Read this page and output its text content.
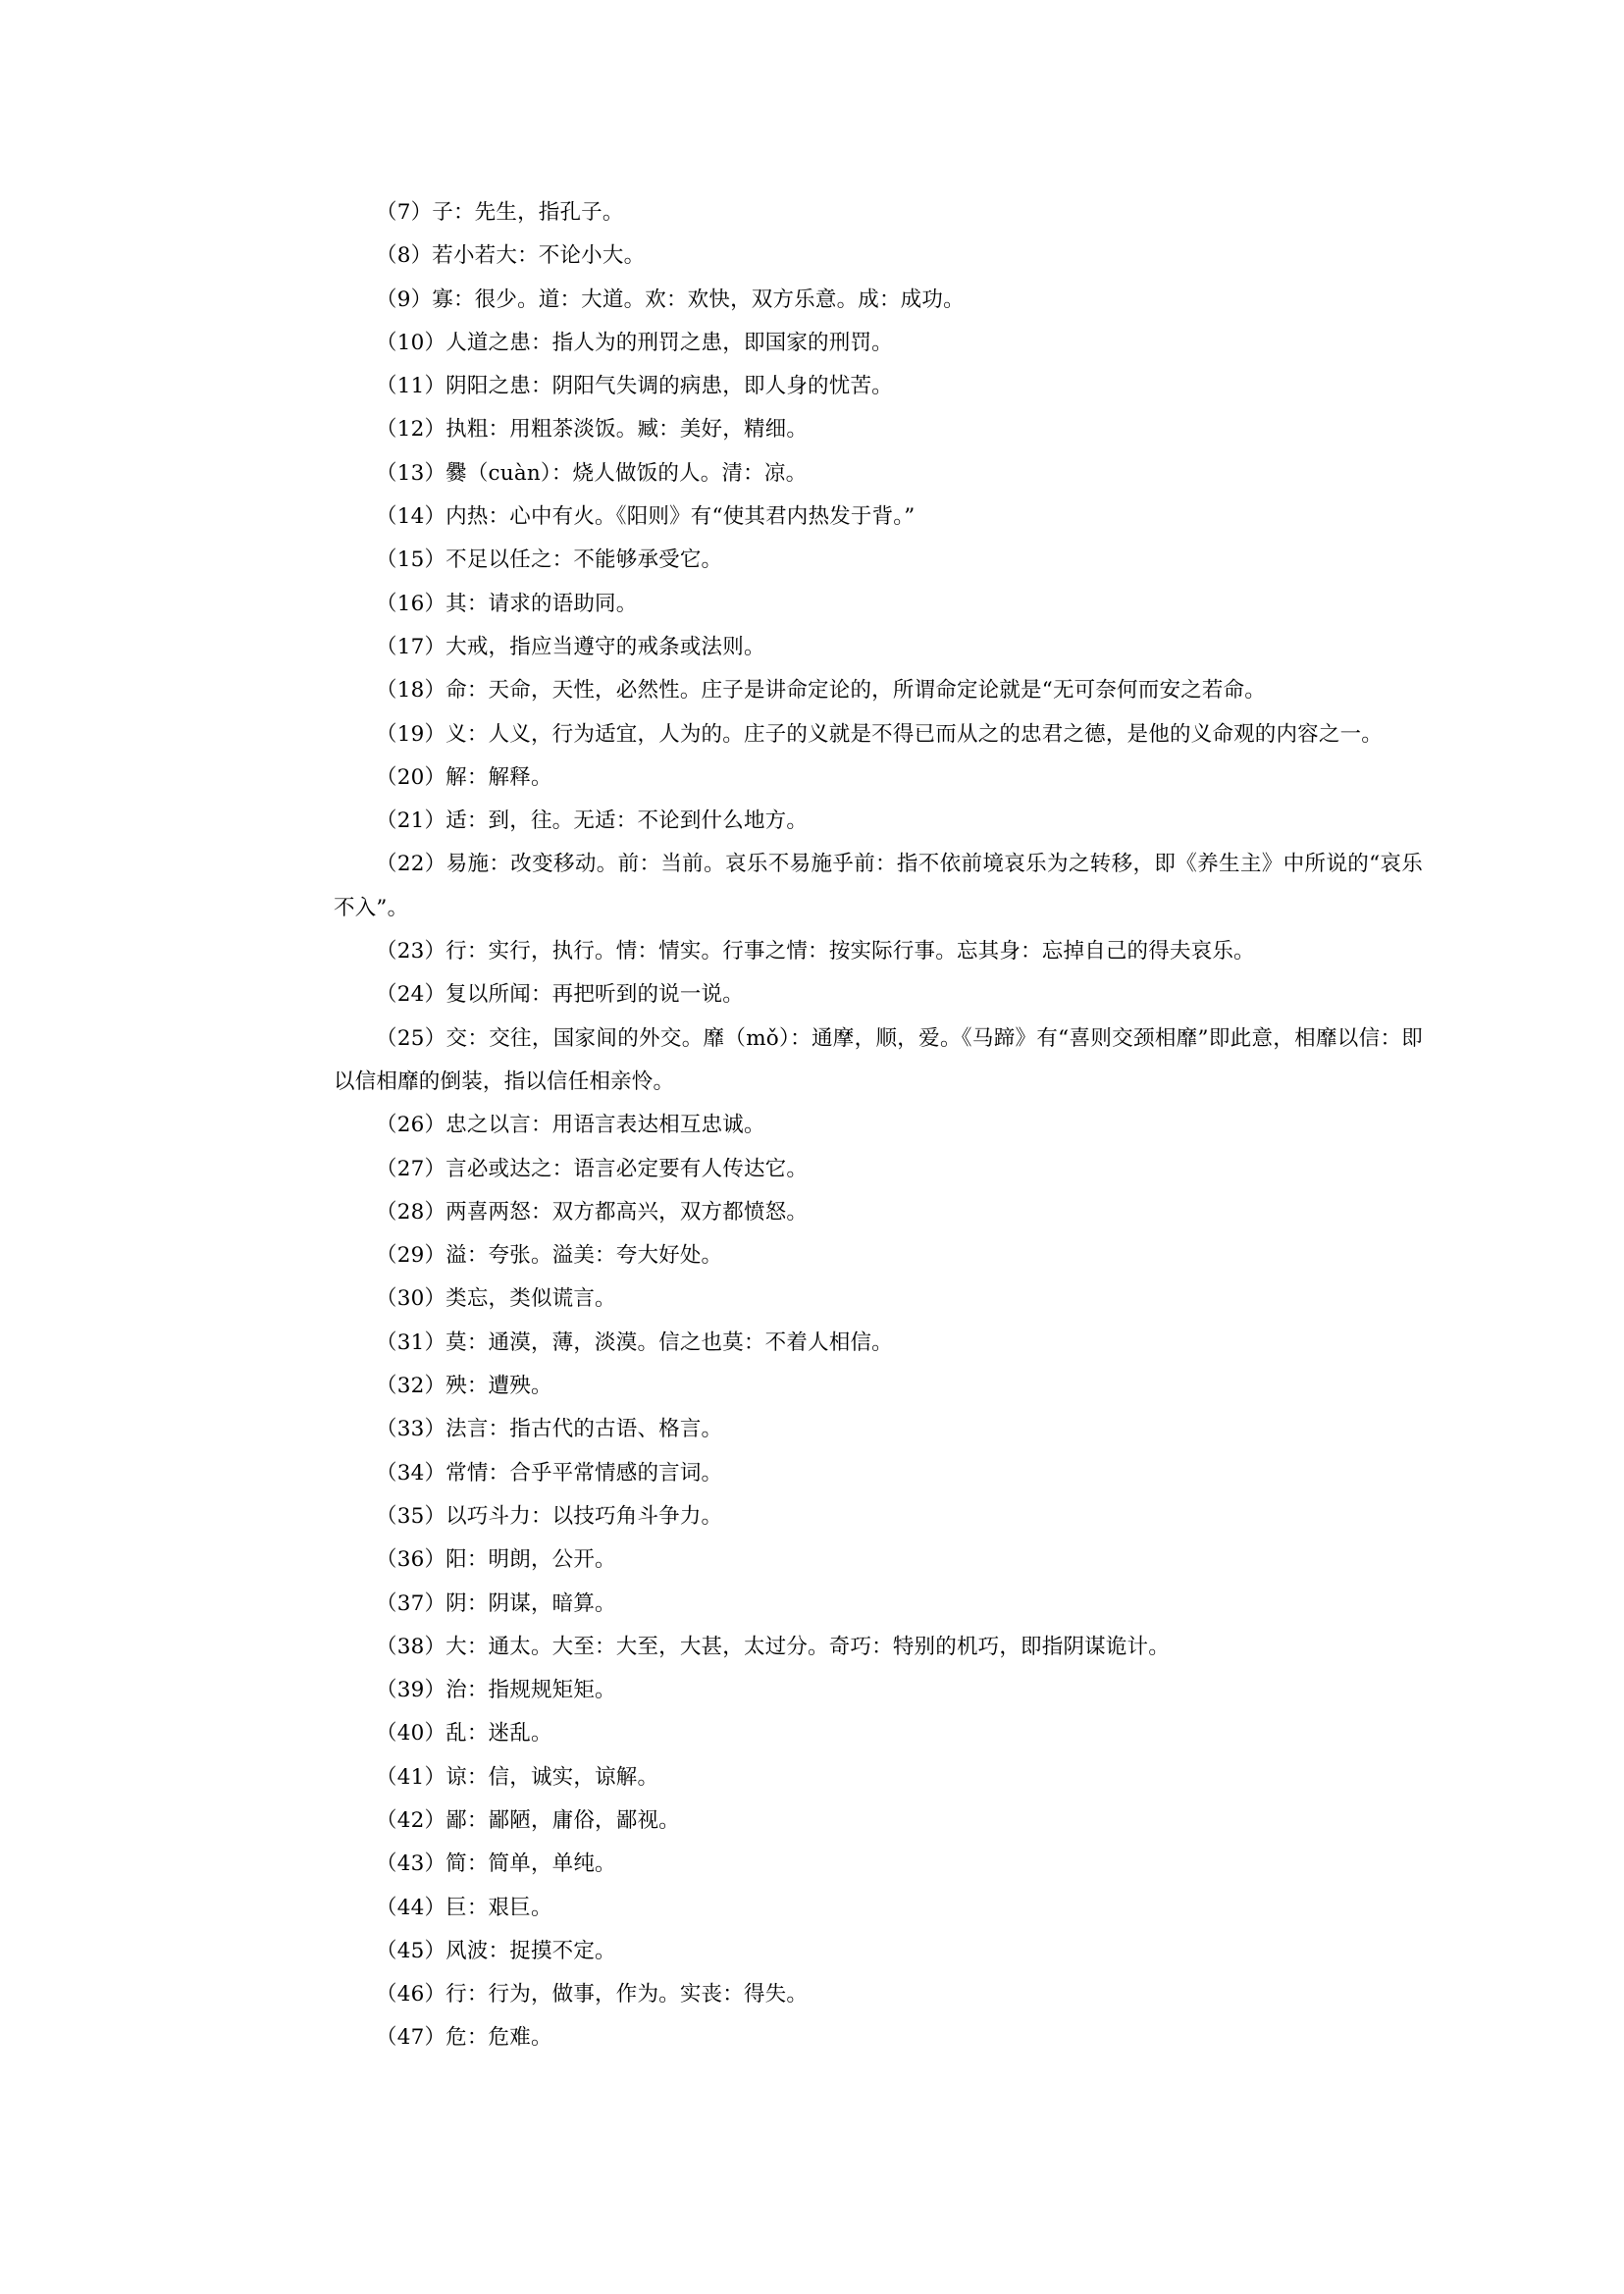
（7）子：先生，指孔子。

（8）若小若大：不论小大。

（9）寡：很少。道：大道。欢：欢快，双方乐意。成：成功。

（10）人道之患：指人为的刑罚之患，即国家的刑罚。

（11）阴阳之患：阴阳气失调的病患，即人身的忧苦。

（12）执粗：用粗茶淡饭。臧：美好，精细。

（13）爨（cuàn）：烧人做饭的人。清：凉。

（14）内热：心中有火。《阳则》有“使其君内热发于背。”

（15）不足以任之：不能够承受它。

（16）其：请求的语助同。

（17）大戒，指应当遵守的戒条或法则。

（18）命：天命，天性，必然性。庄子是讲命定论的，所谓命定论就是“无可奈何而安之若命。

（19）义：人义，行为适宜，人为的。庄子的义就是不得已而从之的忠君之德，是他的义命观的内容之一。

（20）解：解释。

（21）适：到，往。无适：不论到什么地方。

（22）易施：改变移动。前：当前。哀乐不易施乎前：指不依前境哀乐为之转移，即《养生主》中所说的“哀乐不入”。

（23）行：实行，执行。情：情实。行事之情：按实际行事。忘其身：忘掉自己的得夫哀乐。

（24）复以所闻：再把听到的说一说。

（25）交：交往，国家间的外交。靡（mǒ）：通摩，顺，爱。《马蹄》有“喜则交颈相靡”即此意，相靡以信：即以信相靡的倒装，指以信任相亲怜。

（26）忠之以言：用语言表达相互忠诚。

（27）言必或达之：语言必定要有人传达它。

（28）两喜两怒：双方都高兴，双方都愤怒。

（29）溢：夸张。溢美：夸大好处。

（30）类忘，类似谎言。

（31）莫：通漠，薄，淡漠。信之也莫：不着人相信。

（32）殃：遭殃。

（33）法言：指古代的古语、格言。

（34）常情：合乎平常情感的言词。

（35）以巧斗力：以技巧角斗争力。

（36）阳：明朗，公开。

（37）阴：阴谋，暗算。

（38）大：通太。大至：大至，大甚，太过分。奇巧：特别的机巧，即指阴谋诡计。

（39）治：指规规矩矩。

（40）乱：迷乱。

（41）谅：信，诚实，谅解。

（42）鄙：鄙陋，庸俗，鄙视。

（43）简：简单，单纯。

（44）巨：艰巨。

（45）风波：捉摸不定。

（46）行：行为，做事，作为。实丧：得失。

（47）危：危难。
